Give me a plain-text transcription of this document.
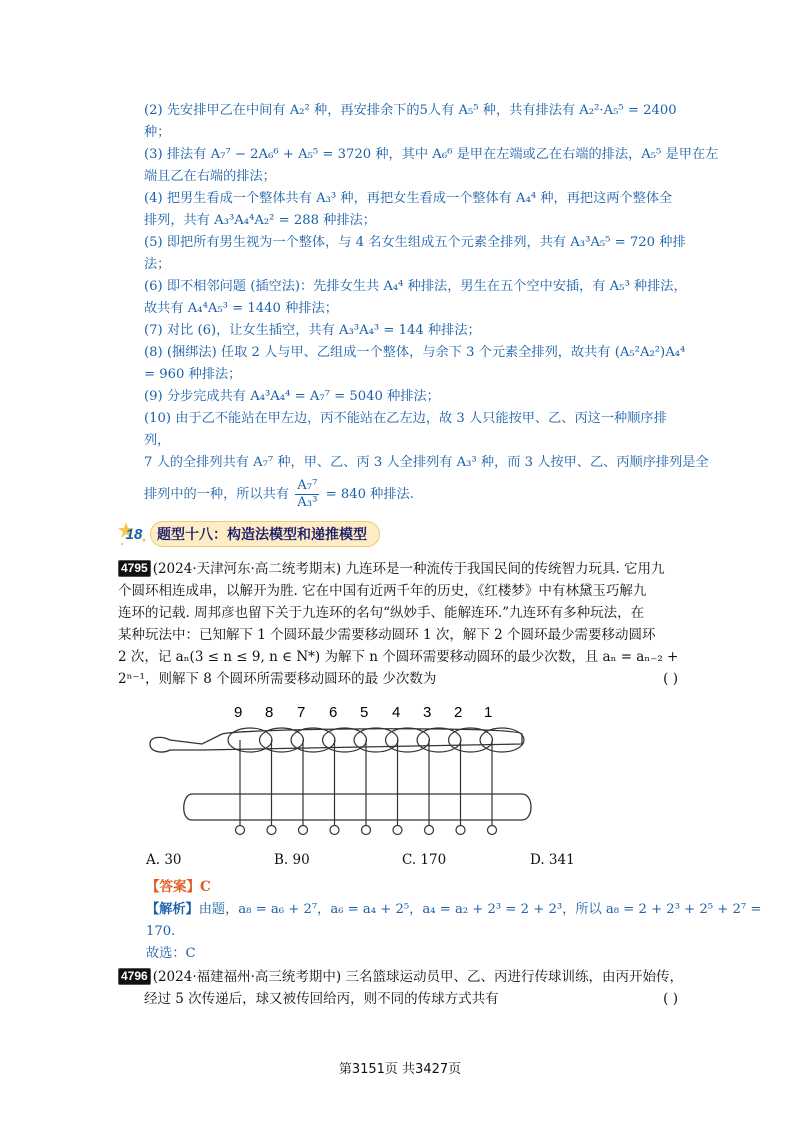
(2) 先安排甲乙在中间有 A₂² 种，再安排余下的5人有 A₅⁵ 种，共有排法有 A₂²·A₅⁵ = 2400
种；
(3) 排法有 A₇⁷ − 2A₆⁶ + A₅⁵ = 3720 种，其中 A₆⁶ 是甲在左端或乙在右端的排法，A₅⁵ 是甲在左
端且乙在右端的排法；
(4) 把男生看成一个整体共有 A₃³ 种，再把女生看成一个整体有 A₄⁴ 种，再把这两个整体全
排列，共有 A₃³A₄⁴A₂² = 288 种排法；
(5) 即把所有男生视为一个整体，与 4 名女生组成五个元素全排列，共有 A₃³A₅⁵ = 720 种排
法；
(6) 即不相邻问题 (插空法)：先排女生共 A₄⁴ 种排法，男生在五个空中安插，有 A₅³ 种排法，
故共有 A₄⁴A₅³ = 1440 种排法；
(7) 对比 (6)，让女生插空，共有 A₃³A₄³ = 144 种排法；
(8) (捆绑法) 任取 2 人与甲、乙组成一个整体，与余下 3 个元素全排列，故共有 (A₅²A₂²)A₄⁴
= 960 种排法；
(9) 分步完成共有 A₄³A₄⁴ = A₇⁷ = 5040 种排法；
(10) 由于乙不能站在甲左边，丙不能站在乙左边，故 3 人只能按甲、乙、丙这一种顺序排
列，
7 人的全排列共有 A₇⁷ 种，甲、乙、丙 3 人全排列有 A₃³ 种，而 3 人按甲、乙、丙顺序排列是全
排列中的一种，所以共有 $\frac{\text{A₇⁷}}{\text{A₃³}} = 840$ 种排法.
18	题型十八：构造法模型和递推模型
4795 (2024·天津河东·高二统考期末) 九连环是一种流传于我国民间的传统智力玩具. 它用九
个圆环相连成串，以解开为胜. 它在中国有近两千年的历史，《红楼梦》中有林黛玉巧解九
连环的记载. 周邦彦也留下关于九连环的名句“纵妙手、能解连环.”九连环有多种玩法，在
某种玩法中：已知解下 1 个圆环最少需要移动圆环 1 次，解下 2 个圆环最少需要移动圆环
2 次，记 aₙ(3 ≤ n ≤ 9, n ∈ N*) 为解下 n 个圆环需要移动圆环的最少次数，且 aₙ = aₙ₋₂ +
2ⁿ⁻¹，则解下 8 个圆环所需要移动圆环的最 少次数为	( )
9 8 7 6 5 4 3 2 1
A. 30	B. 90	C. 170	D. 341
【答案】C
【解析】由题，a₈ = a₆ + 2⁷，a₆ = a₄ + 2⁵，a₄ = a₂ + 2³ = 2 + 2³，所以 a₈ = 2 + 2³ + 2⁵ + 2⁷ =
170.
故选：C
4796 (2024·福建福州·高三统考期中) 三名篮球运动员甲、乙、丙进行传球训练，由丙开始传，
经过 5 次传递后，球又被传回给丙，则不同的传球方式共有	( )
第3151页 共3427页
